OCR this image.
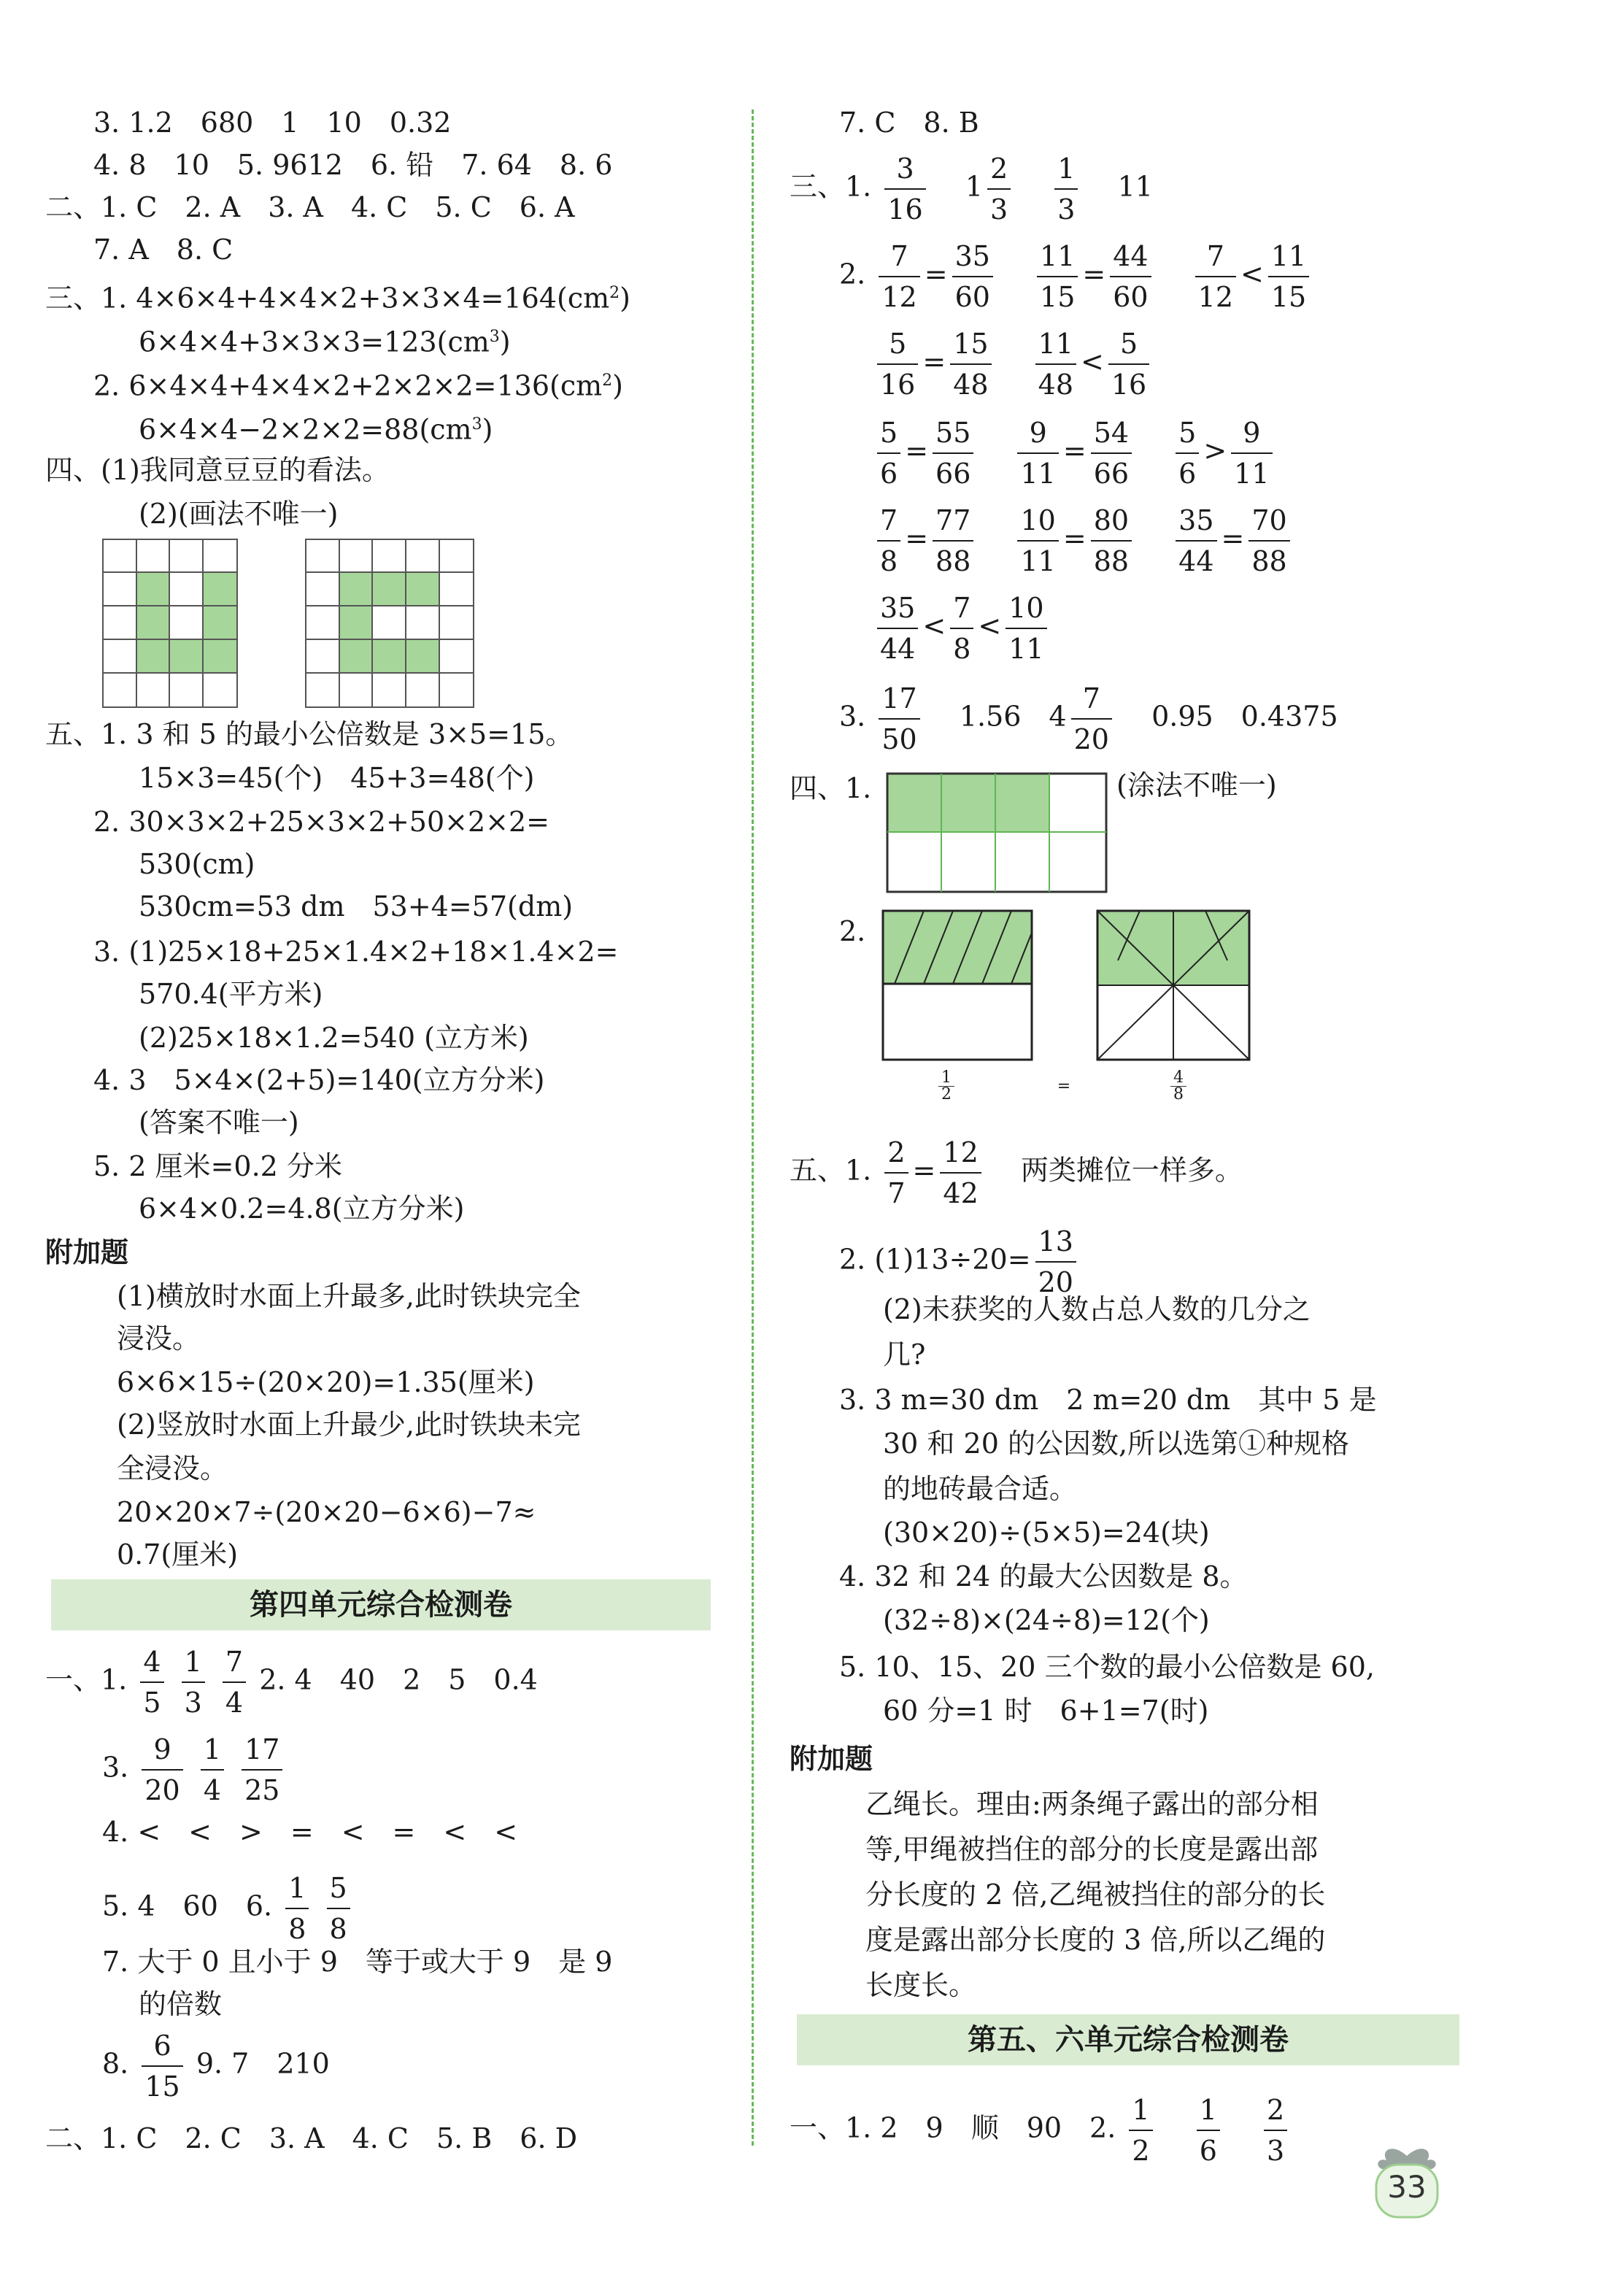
3. 1.2　680　1　10　0.32
4. 8　10　5. 9612　6. 铅　7. 64　8. 6
二、1. C　2. A　3. A　4. C　5. C　6. A
7. A　8. C
三、1. $4\times 6\times 4+4\times 4\times 2+3\times 3\times 4=164(cm^2)$
$6\times 4\times 4+3\times 3\times 3=123(cm^3)$
2. $6\times 4\times 4+4\times 4\times 2+2\times 2\times 2=136(cm^2)$
$6\times 4\times 4-2\times 2\times 2=88(cm^3)$
四、(1)我同意豆豆的看法。
(2)(画法不唯一)
五、1. 3 和 5 的最小公倍数是 3×5=15。
15×3=45(个)　45+3=48(个)
2. 30×3×2+25×3×2+50×2×2=
530(cm)
530cm=53 dm　53+4=57(dm)
3. (1)25×18+25×1.4×2+18×1.4×2=
570.4(平方米)
(2)25×18×1.2=540 (立方米)
4. 3　5×4×(2+5)=140(立方分米)
(答案不唯一)
5. 2 厘米=0.2 分米
6×4×0.2=4.8(立方分米)
附加题
(1)横放时水面上升最多,此时铁块完全
浸没。
6×6×15÷(20×20)=1.35(厘米)
(2)竖放时水面上升最少,此时铁块未完
全浸没。
20×20×7÷(20×20−6×6)−7≈
0.7(厘米)
第四单元综合检测卷
一、1. $\frac{4}{5}$
$\frac{1}{3}$
$\frac{7}{4} 2$. 4　40　2　5　0.4
3. $\frac{9}{20}$
$\frac{1}{4}$
$\frac{17}{25}$
4. <　<　>　=　<　=　<　<
5. 4　60　6. $\frac{1}{8}$
$\frac{5}{8}$
7. 大于 0 且小于 9　等于或大于 9　是 9
的倍数
8. $\frac{6}{15} 9$. 7　210
二、1. C　2. C　3. A　4. C　5. B　6. D
7. C　8. B
三、1. $\frac{3}{16} 1 \frac{2}{3}$
$\frac{1}{3} 11$
2. $\frac{7}{12} = \frac{35}{60}$
$\frac{11}{15} = \frac{44}{60}$
$\frac{7}{12} < \frac{11}{15}$
$\frac{5}{16} = \frac{15}{48}$
$\frac{11}{48} < \frac{5}{16}$
$\frac{5}{6} = \frac{55}{66}$
$\frac{9}{11} = \frac{54}{66}$
$\frac{5}{6} > \frac{9}{11}$
$\frac{7}{8} = \frac{77}{88}$
$\frac{10}{11} = \frac{80}{88}$
$\frac{35}{44} = \frac{70}{88}$
$\frac{35}{44} < \frac{7}{8} < \frac{10}{11}$
3. $\frac{17}{50} 1.56$　$4 \frac{7}{20} 0.95$　0.4375
四、1.	(涂法不唯一)
2.
$\frac{1}{2}$	=	$\frac{4}{8}$
五、1. $\frac{2}{7} = \frac{12}{42}$ 两类摊位一样多。
2. $(1)13\div 20= \frac{13}{20}$
(2)未获奖的人数占总人数的几分之
几?
3. 3 m=30 dm　2 m=20 dm　其中 5 是
30 和 20 的公因数,所以选第①种规格
的地砖最合适。
(30×20)÷(5×5)=24(块)
4. 32 和 24 的最大公因数是 8。
(32÷8)×(24÷8)=12(个)
5. 10、15、20 三个数的最小公倍数是 60,
60 分=1 时　6+1=7(时)
附加题
乙绳长。理由:两条绳子露出的部分相
等,甲绳被挡住的部分的长度是露出部
分长度的 2 倍,乙绳被挡住的部分的长
度是露出部分长度的 3 倍,所以乙绳的
长度长。
第五、六单元综合检测卷
一、1. 2　9　顺　90　2. $\frac{1}{2}$
$\frac{1}{6}$
$\frac{2}{3}$
33
